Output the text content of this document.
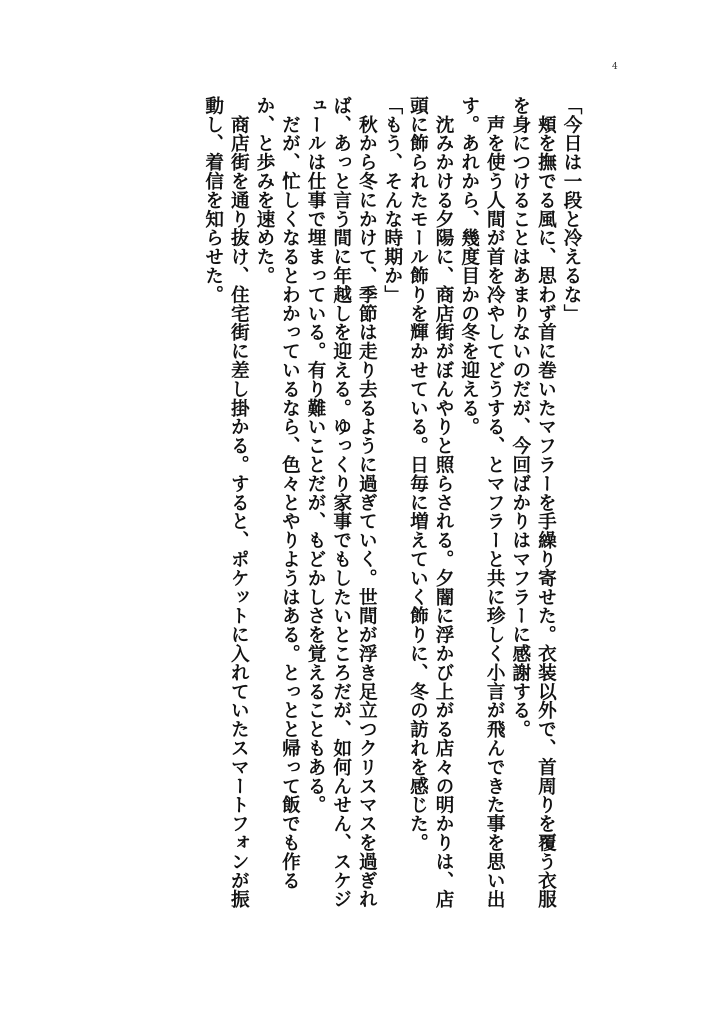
4

「今日は一段と冷えるな」

　頬を撫でる風に、思わず首に巻いたマフラーを手繰り寄せた。衣装以外で、首周りを覆う衣服を身につけることはあまりないのだが、今回ばかりはマフラーに感謝する。

　声を使う人間が首を冷やしてどうする、とマフラーと共に珍しく小言が飛んできた事を思い出す。あれから、幾度目かの冬を迎える。

　沈みかける夕陽に、商店街がぼんやりと照らされる。夕闇に浮かび上がる店々の明かりは、店頭に飾られたモール飾りを輝かせている。日毎に増えていく飾りに、冬の訪れを感じた。

「もう、そんな時期か」

　秋から冬にかけて、季節は走り去るように過ぎていく。世間が浮き足立つクリスマスを過ぎれば、あっと言う間に年越しを迎える。ゆっくり家事でもしたいところだが、如何んせん、スケジュールは仕事で埋まっている。有り難いことだが、もどかしさを覚えることもある。

　だが、忙しくなるとわかっているなら、色々とやりようはある。とっとと帰って飯でも作るか、と歩みを速めた。

　商店街を通り抜け、住宅街に差し掛かる。すると、ポケットに入れていたスマートフォンが振動し、着信を知らせた。
